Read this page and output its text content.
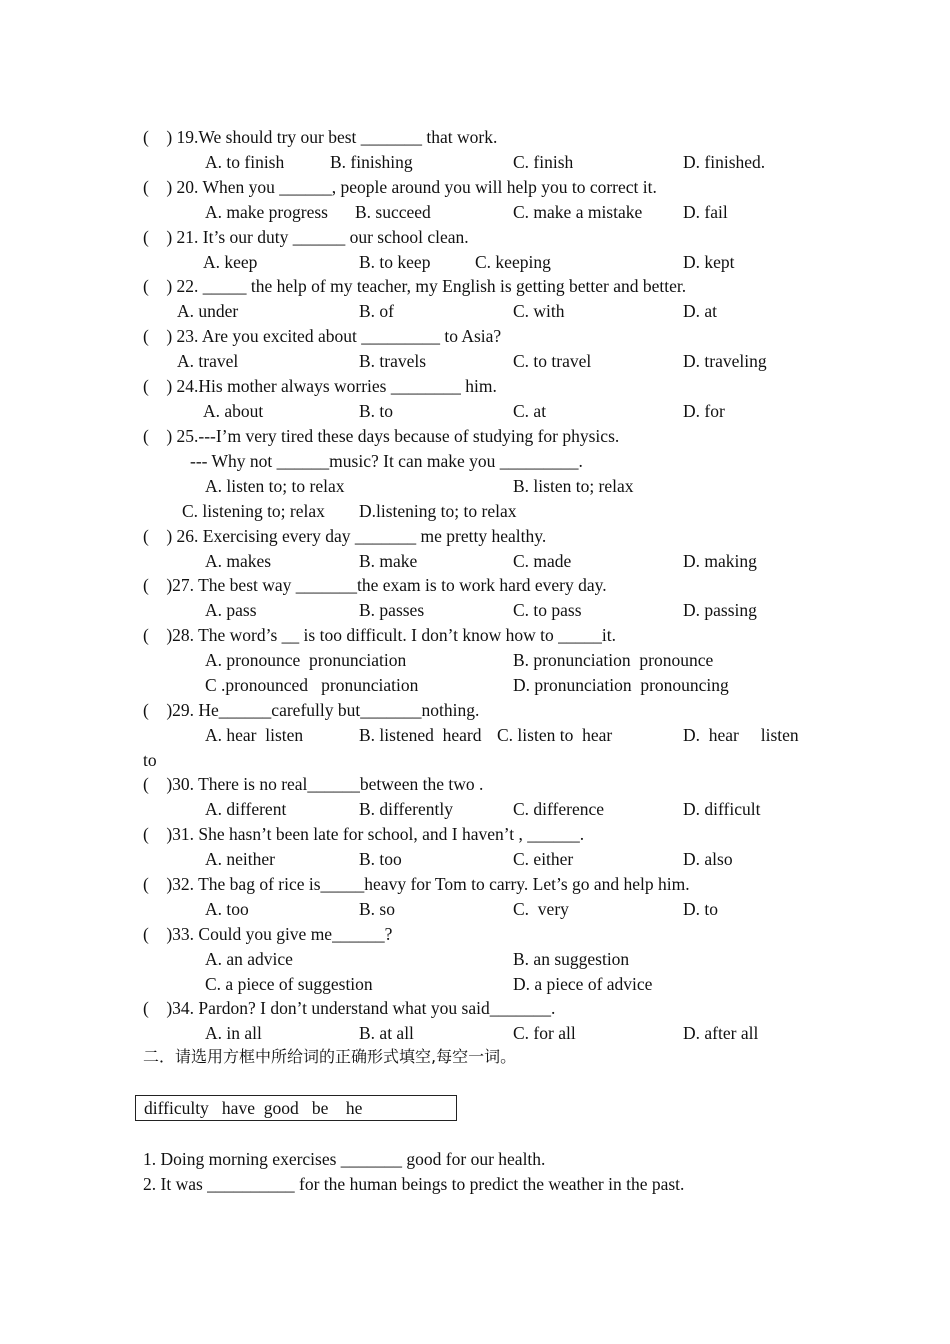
(    ) 19.We should try our best _______ that work.
A. to finish	B. finishing	C. finish	D. finished.
(    ) 20. When you ______, people around you will help you to correct it.
A. make progress B. succeed	C. make a mistake D. fail
(    ) 21. It’s our duty ______ our school clean.
A. keep	B. to keep	C. keeping	D. kept
(    ) 22. _____ the help of my teacher, my English is getting better and better.
A. under	B. of	C. with	D. at
(    ) 23. Are you excited about _________ to Asia?
A. travel	B. travels	C. to travel	D. traveling
(    ) 24.His mother always worries ________ him.
A. about	B. to	C. at	D. for
(    ) 25.---I’m very tired these days because of studying for physics.
--- Why not ______music? It can make you _________.
A. listen to; to relax	B. listen to; relax
C. listening to; relax D.listening to; to relax
(    ) 26. Exercising every day _______ me pretty healthy.
A. makes	B. make	C. made	D. making
(    )27. The best way _______the exam is to work hard every day.
A. pass	B. passes	C. to pass	D. passing
(    )28. The word’s __ is too difficult. I don’t know how to _____it.
A. pronounce  pronunciation	B. pronunciation  pronounce
C .pronounced   pronunciation	D. pronunciation  pronouncing
(    )29. He______carefully but_______nothing.
A. hear  listen	B. listened  heard C. listen to  hear	D.  hear     listen
to
(    )30. There is no real______between the two .
A. different	B. differently	C. difference	D. difficult
(    )31. She hasn’t been late for school, and I haven’t , ______.
A. neither	B. too	C. either	D. also
(    )32. The bag of rice is_____heavy for Tom to carry. Let’s go and help him.
A. too	B. so	C.  very	D. to
(    )33. Could you give me______?
A. an advice	B. an suggestion
C. a piece of suggestion	D. a piece of advice
(    )34. Pardon? I don’t understand what you said_______.
A. in all	B. at all	C. for all	D. after all
二．请选用方框中所给词的正确形式填空,每空一词。
difficulty   have  good   be    he
1. Doing morning exercises _______ good for our health.
2. It was __________ for the human beings to predict the weather in the past.
